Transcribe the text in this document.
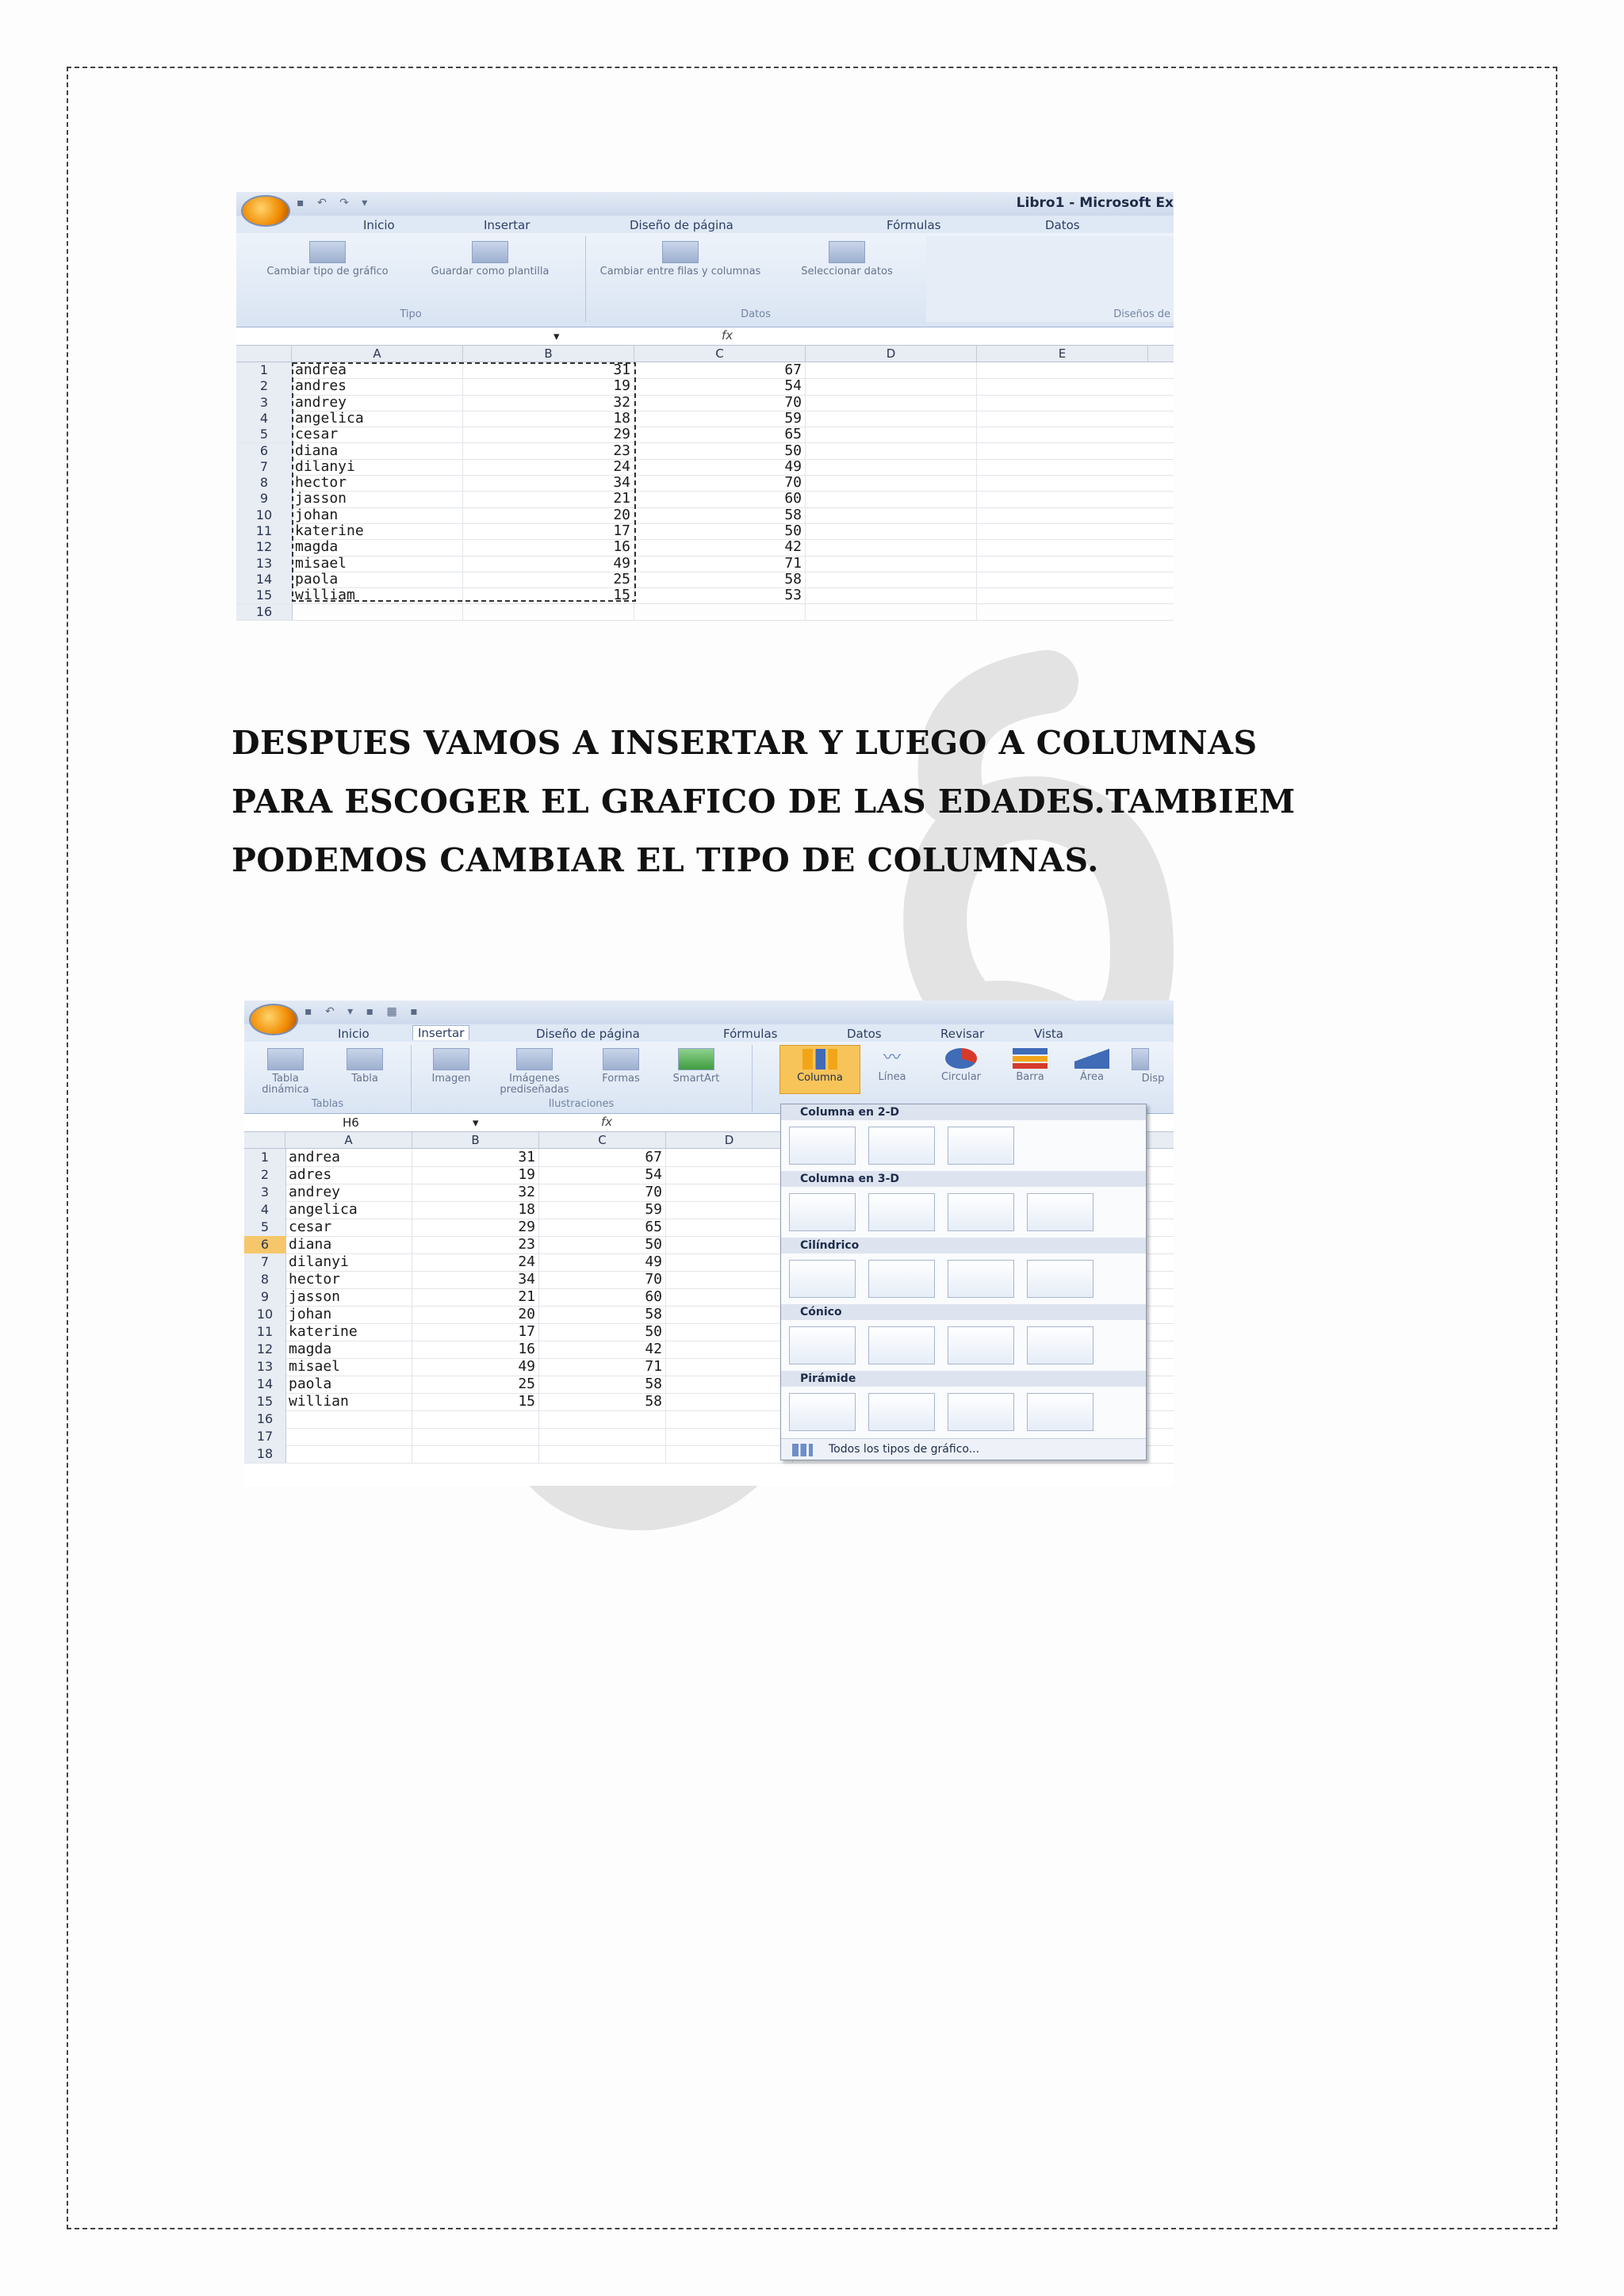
▪ ↶ ↷ ▾	Libro1 - Microsoft Ex
Inicio	Insertar	Diseño de página	Fórmulas	Datos
Cambiar tipo de gráfico	Guardar como plantilla
Tipo
Cambiar entre filas y columnas	Seleccionar datos
Datos	Diseños de
▾	fx
A	B	C	D	E
1	andrea	31	67
2	andres	19	54
3	andrey	32	70
4	angelica	18	59
5	cesar	29	65
6	diana	23	50
7	dilanyi	24	49
8	hector	34	70
9	jasson	21	60
10	johan	20	58
11	katerine	17	50
12	magda	16	42
13	misael	49	71
14	paola	25	58
15	william	15	53
16

DESPUES VAMOS A INSERTAR Y LUEGO A COLUMNAS PARA ESCOGER EL GRAFICO DE LAS EDADES.TAMBIEM PODEMOS CAMBIAR EL TIPO DE COLUMNAS.

▪ ↶ ▾ ▪ ▦ ▪
Inicio	Insertar	Diseño de página	Fórmulas	Datos	Revisar	Vista
Tabla dinámica
Tabla
Tablas
Imagen	Imágenes prediseñadas
Formas	SmartArt
Ilustraciones
Columna
〰
Línea	Circular	Barra	Área	Disp
H6	▾	fx
A	B	C	D
1	andrea	31	67
2	adres	19	54
3	andrey	32	70
4	angelica	18	59
5	cesar	29	65
6	diana	23	50
7	dilanyi	24	49
8	hector	34	70
9	jasson	21	60
10	johan	20	58
11	katerine	17	50
12	magda	16	42
13	misael	49	71
14	paola	25	58
15	willian	15	58
16
17
18
Columna en 2-D
Columna en 3-D
Cilíndrico
Cónico
Pirámide
Todos los tipos de gráfico...
